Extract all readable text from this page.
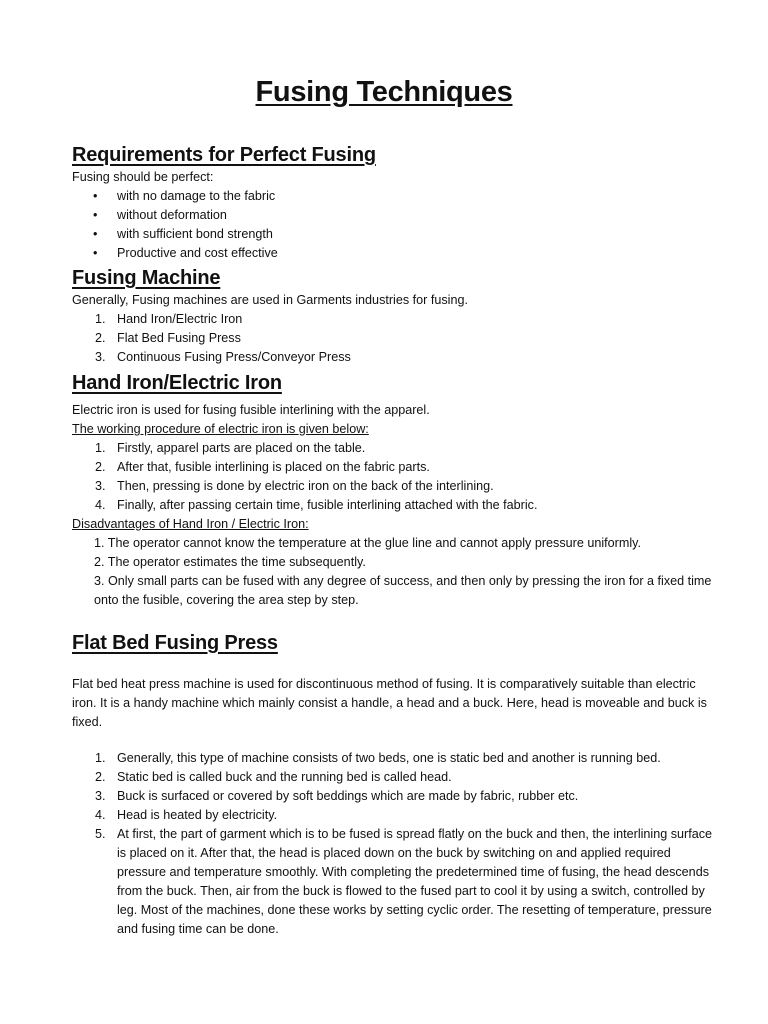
Fusing Techniques
Requirements for Perfect Fusing
Fusing should be perfect:
• with no damage to the fabric
• without deformation
• with sufficient bond strength
• Productive and cost effective
Fusing Machine
Generally, Fusing machines are used in Garments industries for fusing.
1. Hand Iron/Electric Iron
2. Flat Bed Fusing Press
3. Continuous Fusing Press/Conveyor Press
Hand Iron/Electric Iron
Electric iron is used for fusing fusible interlining with the apparel.
The working procedure of electric iron is given below:
1. Firstly, apparel parts are placed on the table.
2. After that, fusible interlining is placed on the fabric parts.
3. Then, pressing is done by electric iron on the back of the interlining.
4. Finally, after passing certain time, fusible interlining attached with the fabric.
Disadvantages of Hand Iron / Electric Iron:
1. The operator cannot know the temperature at the glue line and cannot apply pressure uniformly.
2. The operator estimates the time subsequently.
3. Only small parts can be fused with any degree of success, and then only by pressing the iron for a fixed time onto the fusible, covering the area step by step.
Flat Bed Fusing Press
Flat bed heat press machine is used for discontinuous method of fusing. It is comparatively suitable than electric iron. It is a handy machine which mainly consist a handle, a head and a buck. Here, head is moveable and buck is fixed.
1. Generally, this type of machine consists of two beds, one is static bed and another is running bed.
2. Static bed is called buck and the running bed is called head.
3. Buck is surfaced or covered by soft beddings which are made by fabric, rubber etc.
4. Head is heated by electricity.
5. At first, the part of garment which is to be fused is spread flatly on the buck and then, the interlining surface is placed on it. After that, the head is placed down on the buck by switching on and applied required pressure and temperature smoothly. With completing the predetermined time of fusing, the head descends from the buck. Then, air from the buck is flowed to the fused part to cool it by using a switch, controlled by leg. Most of the machines, done these works by setting cyclic order. The resetting of temperature, pressure and fusing time can be done.
